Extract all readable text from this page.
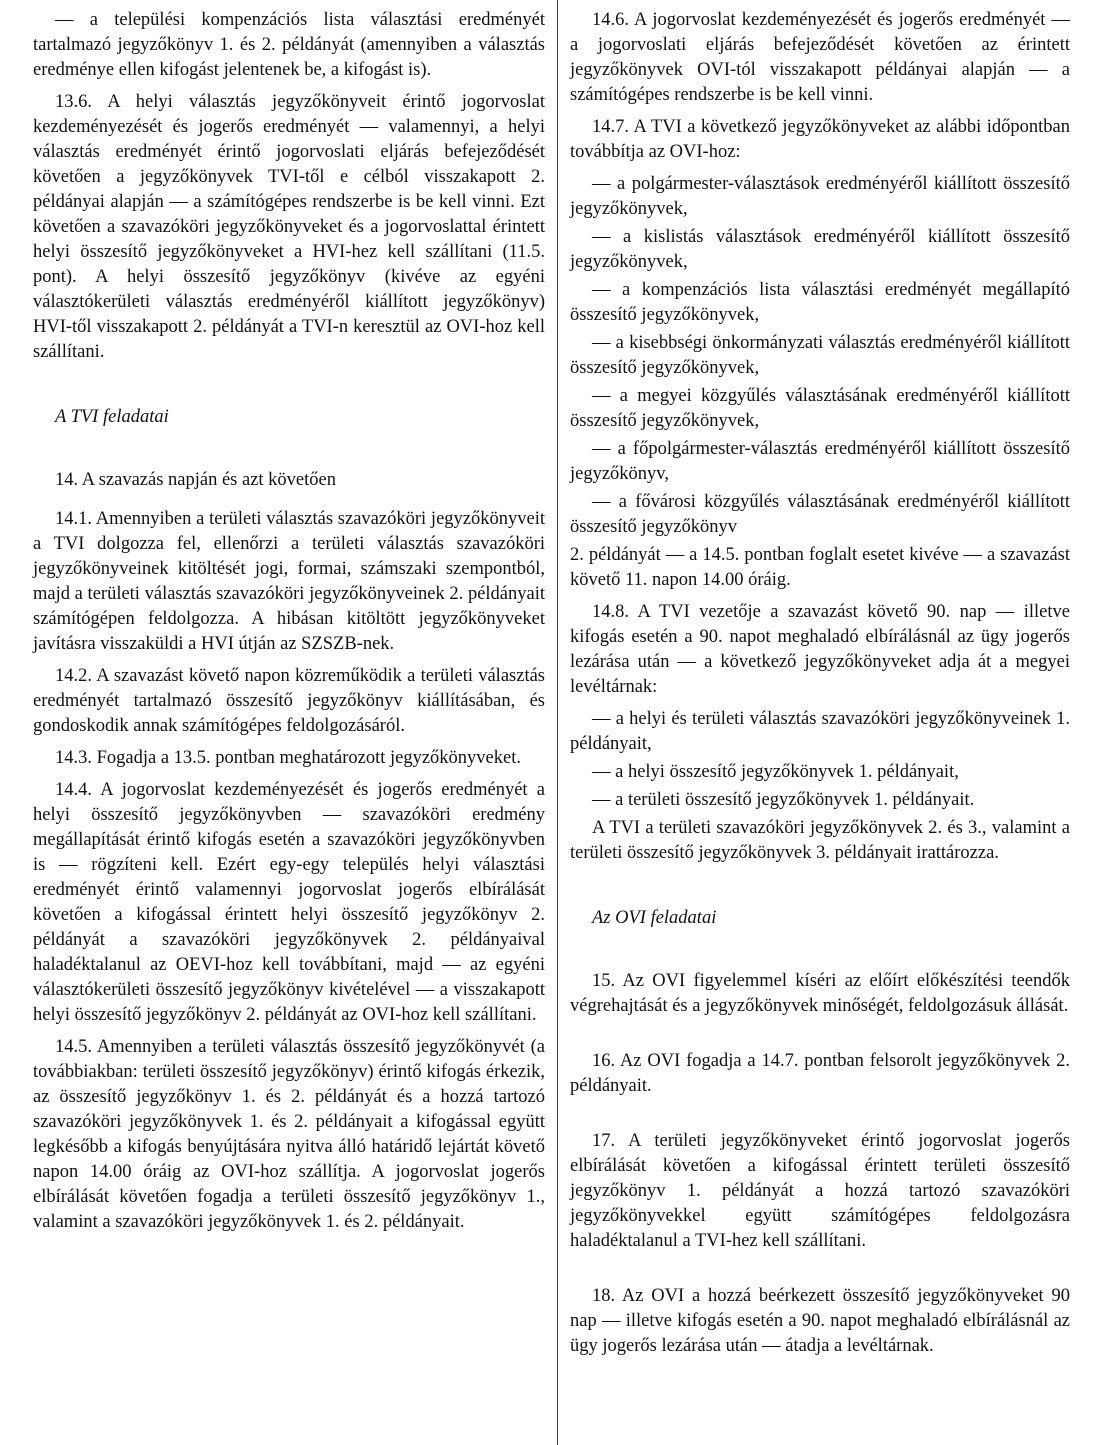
— a települési kompenzációs lista választási eredményét tartalmazó jegyzőkönyv 1. és 2. példányát (amennyiben a választás eredménye ellen kifogást jelentenek be, a kifogást is).

13.6. A helyi választás jegyzőkönyveit érintő jogorvoslat kezdeményezését és jogerős eredményét — valamennyi, a helyi választás eredményét érintő jogorvoslati eljárás befejeződését követően a jegyzőkönyvek TVI-től e célból visszakapott 2. példányai alapján — a számítógépes rendszerbe is be kell vinni. Ezt követően a szavazóköri jegyzőkönyveket és a jogorvoslattal érintett helyi összesítő jegyzőkönyveket a HVI-hez kell szállítani (11.5. pont). A helyi összesítő jegyzőkönyv (kivéve az egyéni választókerületi választás eredményéről kiállított jegyzőkönyv) HVI-től visszakapott 2. példányát a TVI-n keresztül az OVI-hoz kell szállítani.

A TVI feladatai

14. A szavazás napján és azt követően

14.1. Amennyiben a területi választás szavazóköri jegyzőkönyveit a TVI dolgozza fel, ellenőrzi a területi választás szavazóköri jegyzőkönyveinek kitöltését jogi, formai, számszaki szempontból, majd a területi választás szavazóköri jegyzőkönyveinek 2. példányait számítógépen feldolgozza. A hibásan kitöltött jegyzőkönyveket javításra visszaküldi a HVI útján az SZSZB-nek.

14.2. A szavazást követő napon közreműködik a területi választás eredményét tartalmazó összesítő jegyzőkönyv kiállításában, és gondoskodik annak számítógépes feldolgozásáról.

14.3. Fogadja a 13.5. pontban meghatározott jegyzőkönyveket.

14.4. A jogorvoslat kezdeményezését és jogerős eredményét a helyi összesítő jegyzőkönyvben — szavazóköri eredmény megállapítását érintő kifogás esetén a szavazóköri jegyzőkönyvben is — rögzíteni kell. Ezért egy-egy település helyi választási eredményét érintő valamennyi jogorvoslat jogerős elbírálását követően a kifogással érintett helyi összesítő jegyzőkönyv 2. példányát a szavazóköri jegyzőkönyvek 2. példányaival haladéktalanul az OEVI-hoz kell továbbítani, majd — az egyéni választókerületi összesítő jegyzőkönyv kivételével — a visszakapott helyi összesítő jegyzőkönyv 2. példányát az OVI-hoz kell szállítani.

14.5. Amennyiben a területi választás összesítő jegyzőkönyvét (a továbbiakban: területi összesítő jegyzőkönyv) érintő kifogás érkezik, az összesítő jegyzőkönyv 1. és 2. példányát és a hozzá tartozó szavazóköri jegyzőkönyvek 1. és 2. példányait a kifogással együtt legkésőbb a kifogás benyújtására nyitva álló határidő lejártát követő napon 14.00 óráig az OVI-hoz szállítja. A jogorvoslat jogerős elbírálását követően fogadja a területi összesítő jegyzőkönyv 1., valamint a szavazóköri jegyzőkönyvek 1. és 2. példányait.

14.6. A jogorvoslat kezdeményezését és jogerős eredményét — a jogorvoslati eljárás befejeződését követően az érintett jegyzőkönyvek OVI-tól visszakapott példányai alapján — a számítógépes rendszerbe is be kell vinni.

14.7. A TVI a következő jegyzőkönyveket az alábbi időpontban továbbítja az OVI-hoz:

— a polgármester-választások eredményéről kiállított összesítő jegyzőkönyvek,

— a kislistás választások eredményéről kiállított összesítő jegyzőkönyvek,

— a kompenzációs lista választási eredményét megállapító összesítő jegyzőkönyvek,

— a kisebbségi önkormányzati választás eredményéről kiállított összesítő jegyzőkönyvek,

— a megyei közgyűlés választásának eredményéről kiállított összesítő jegyzőkönyvek,

— a főpolgármester-választás eredményéről kiállított összesítő jegyzőkönyv,

— a fővárosi közgyűlés választásának eredményéről kiállított összesítő jegyzőkönyv

2. példányát — a 14.5. pontban foglalt esetet kivéve — a szavazást követő 11. napon 14.00 óráig.

14.8. A TVI vezetője a szavazást követő 90. nap — illetve kifogás esetén a 90. napot meghaladó elbírálásnál az ügy jogerős lezárása után — a következő jegyzőkönyveket adja át a megyei levéltárnak:

— a helyi és területi választás szavazóköri jegyzőkönyveinek 1. példányait,

— a helyi összesítő jegyzőkönyvek 1. példányait,

— a területi összesítő jegyzőkönyvek 1. példányait.

A TVI a területi szavazóköri jegyzőkönyvek 2. és 3., valamint a területi összesítő jegyzőkönyvek 3. példányait irattározza.

Az OVI feladatai

15. Az OVI figyelemmel kíséri az előírt előkészítési teendők végrehajtását és a jegyzőkönyvek minőségét, feldolgozásuk állását.

16. Az OVI fogadja a 14.7. pontban felsorolt jegyzőkönyvek 2. példányait.

17. A területi jegyzőkönyveket érintő jogorvoslat jogerős elbírálását követően a kifogással érintett területi összesítő jegyzőkönyv 1. példányát a hozzá tartozó szavazóköri jegyzőkönyvekkel együtt számítógépes feldolgozásra haladéktalanul a TVI-hez kell szállítani.

18. Az OVI a hozzá beérkezett összesítő jegyzőkönyveket 90 nap — illetve kifogás esetén a 90. napot meghaladó elbírálásnál az ügy jogerős lezárása után — átadja a levéltárnak.
